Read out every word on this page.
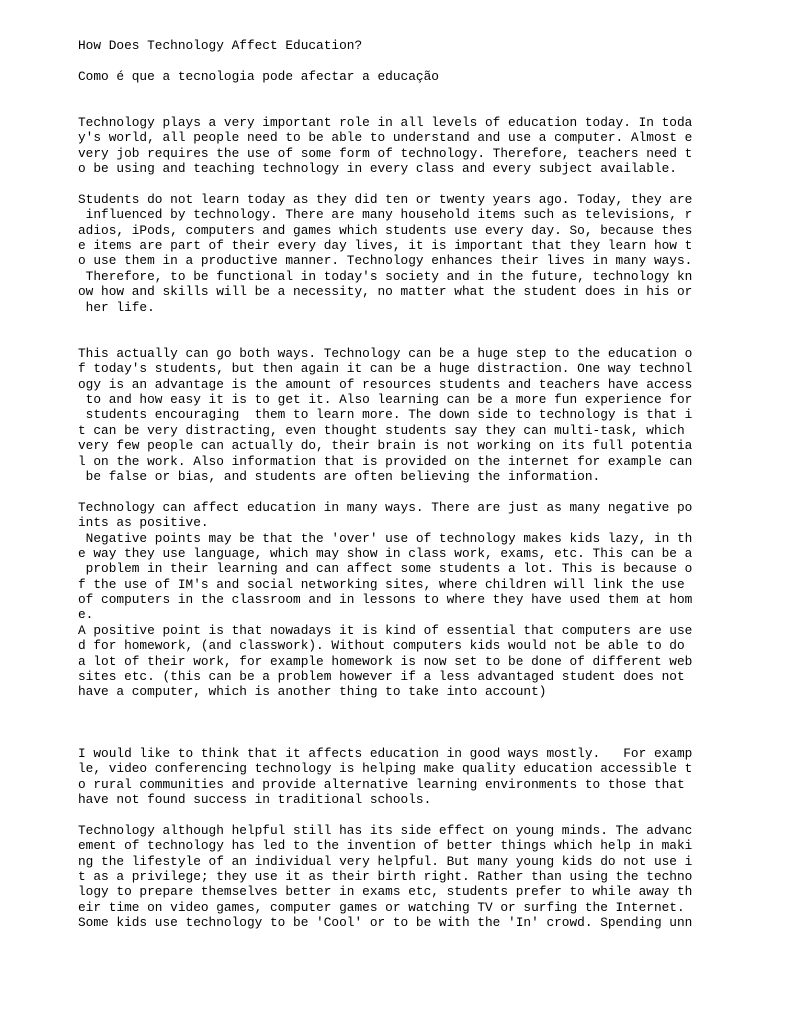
How Does Technology Affect Education?
Como é que a tecnologia pode afectar a educação
Technology plays a very important role in all levels of education today. In toda
y's world, all people need to be able to understand and use a computer. Almost e
very job requires the use of some form of technology. Therefore, teachers need t
o be using and teaching technology in every class and every subject available.
Students do not learn today as they did ten or twenty years ago. Today, they are
influenced by technology. There are many household items such as televisions, r
adios, iPods, computers and games which students use every day. So, because thes
e items are part of their every day lives, it is important that they learn how t
o use them in a productive manner. Technology enhances their lives in many ways.
Therefore, to be functional in today's society and in the future, technology kn
ow how and skills will be a necessity, no matter what the student does in his or
her life.
This actually can go both ways. Technology can be a huge step to the education o
f today's students, but then again it can be a huge distraction. One way technol
ogy is an advantage is the amount of resources students and teachers have access
to and how easy it is to get it. Also learning can be a more fun experience for
students encouraging  them to learn more. The down side to technology is that i
t can be very distracting, even thought students say they can multi-task, which
very few people can actually do, their brain is not working on its full potentia
l on the work. Also information that is provided on the internet for example can
be false or bias, and students are often believing the information.
Technology can affect education in many ways. There are just as many negative po
ints as positive.
Negative points may be that the 'over' use of technology makes kids lazy, in th
e way they use language, which may show in class work, exams, etc. This can be a
problem in their learning and can affect some students a lot. This is because o
f the use of IM's and social networking sites, where children will link the use
of computers in the classroom and in lessons to where they have used them at hom
e.
A positive point is that nowadays it is kind of essential that computers are use
d for homework, (and classwork). Without computers kids would not be able to do
a lot of their work, for example homework is now set to be done of different web
sites etc. (this can be a problem however if a less advantaged student does not
have a computer, which is another thing to take into account)
I would like to think that it affects education in good ways mostly.   For examp
le, video conferencing technology is helping make quality education accessible t
o rural communities and provide alternative learning environments to those that
have not found success in traditional schools.
Technology although helpful still has its side effect on young minds. The advanc
ement of technology has led to the invention of better things which help in maki
ng the lifestyle of an individual very helpful. But many young kids do not use i
t as a privilege; they use it as their birth right. Rather than using the techno
logy to prepare themselves better in exams etc, students prefer to while away th
eir time on video games, computer games or watching TV or surfing the Internet.
Some kids use technology to be 'Cool' or to be with the 'In' crowd. Spending unn
